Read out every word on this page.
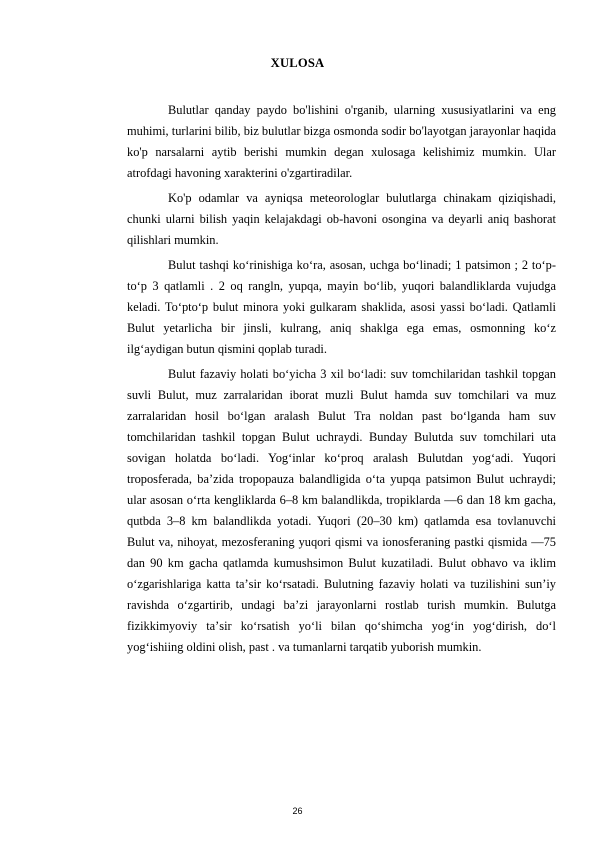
XULOSA

Bulutlar qanday paydo bo'lishini o'rganib, ularning xususiyatlarini va eng muhimi, turlarini bilib, biz bulutlar bizga osmonda sodir bo'layotgan jarayonlar haqida ko'p narsalarni aytib berishi mumkin degan xulosaga kelishimiz mumkin. Ular atrofdagi havoning xarakterini o'zgartiradilar.

Ko'p odamlar va ayniqsa meteorologlar bulutlarga chinakam qiziqishadi, chunki ularni bilish yaqin kelajakdagi ob-havoni osongina va deyarli aniq bashorat qilishlari mumkin.

Bulut tashqi koʻrinishiga koʻra, asosan, uchga boʻlinadi; 1 patsimon ; 2 toʻp-toʻp 3 qatlamli . 2 oq rangln, yupqa, mayin boʻlib, yuqori balandliklarda vujudga keladi. Toʻptoʻp bulut minora yoki gulkaram shaklida, asosi yassi boʻladi. Qatlamli Bulut yetarlicha bir jinsli, kulrang, aniq shaklga ega emas, osmonning koʻz ilgʻaydigan butun qismini qoplab turadi.

Bulut fazaviy holati boʻyicha 3 xil boʻladi: suv tomchilaridan tashkil topgan suvli Bulut, muz zarralaridan iborat muzli Bulut hamda suv tomchilari va muz zarralaridan hosil boʻlgan aralash Bulut Tra noldan past boʻlganda ham suv tomchilaridan tashkil topgan Bulut uchraydi. Bunday Bulutda suv tomchilari uta sovigan holatda boʻladi. Yogʻinlar koʻproq aralash Bulutdan yogʻadi. Yuqori troposferada, baʼzida tropopauza balandligida oʻta yupqa patsimon Bulut uchraydi; ular asosan oʻrta kengliklarda 6–8 km balandlikda, tropiklarda —6 dan 18 km gacha, qutbda 3–8 km balandlikda yotadi. Yuqori (20–30 km) qatlamda esa tovlanuvchi Bulut va, nihoyat, mezosferaning yuqori qismi va ionosferaning pastki qismida —75 dan 90 km gacha qatlamda kumushsimon Bulut kuzatiladi. Bulut obhavo va iklim oʻzgarishlariga katta taʼsir koʻrsatadi. Bulutning fazaviy holati va tuzilishini sunʼiy ravishda oʻzgartirib, undagi baʼzi jarayonlarni rostlab turish mumkin. Bulutga fizikkimyoviy taʼsir koʻrsatish yoʻli bilan qoʻshimcha yogʻin yogʻdirish, doʻl yogʻishiing oldini olish, past . va tumanlarni tarqatib yuborish mumkin.

26
